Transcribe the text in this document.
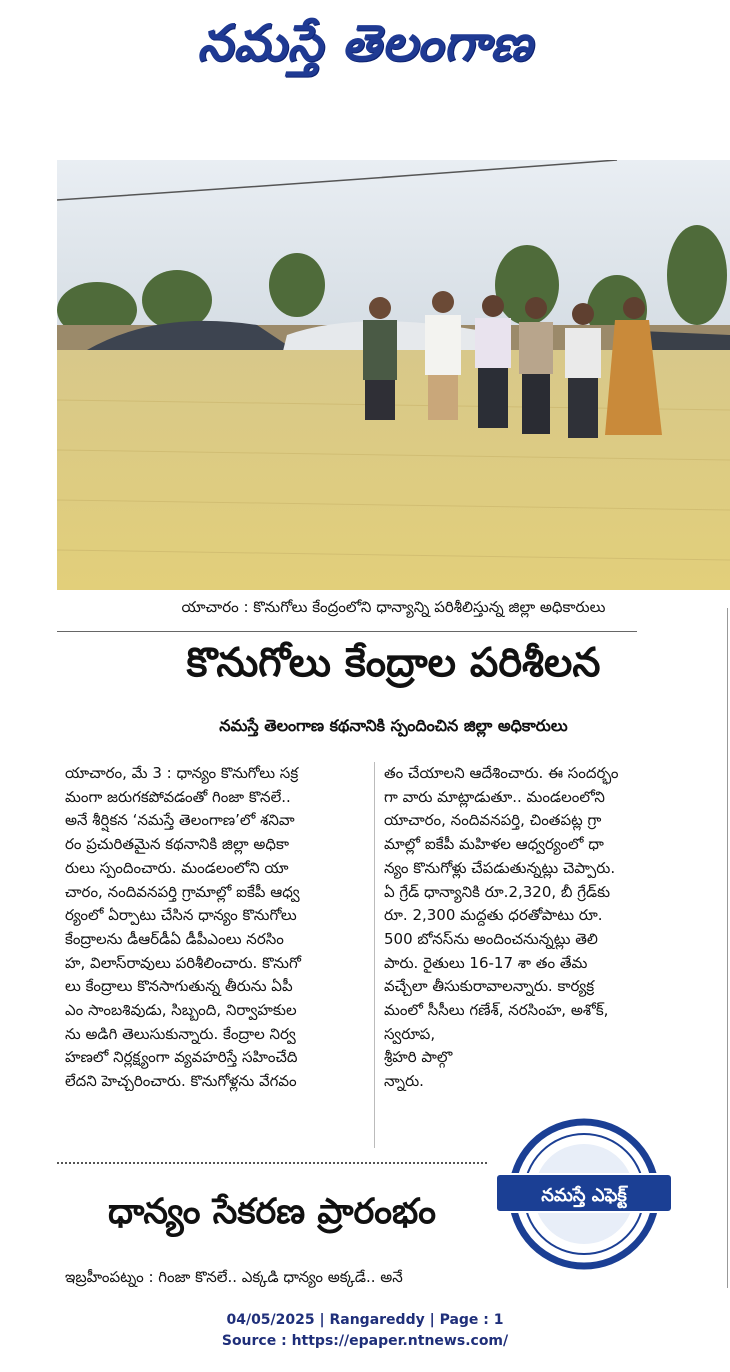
నమస్తే తెలంగాణ
యాచారం : కొనుగోలు కేంద్రంలోని ధాన్యాన్ని పరిశీలిస్తున్న జిల్లా అధికారులు
కొనుగోలు కేంద్రాల పరిశీలన
నమస్తే తెలంగాణ కథనానికి స్పందించిన జిల్లా అధికారులు

యాచారం, మే 3 : ధాన్యం కొనుగోలు సక్ర

మంగా జరుగకపోవడంతో గింజా కొనలే..

అనే శీర్షికన ‘నమస్తే తెలంగాణ’లో శనివా

రం ప్రచురితమైన కథనానికి జిల్లా అధికా

రులు స్పందించారు. మండలంలోని యా

చారం, నందివనపర్తి గ్రామాల్లో ఐకేపీ ఆధ్వ

ర్యంలో ఏర్పాటు చేసిన ధాన్యం కొనుగోలు

కేంద్రాలను డీఆర్‌డీఏ డీపీఎంలు నరసిం

హ, విలాస్‌రావులు పరిశీలించారు. కొనుగో

లు కేంద్రాలు కొనసాగుతున్న తీరును ఏపీ

ఎం సాంబశివుడు, సిబ్బంది, నిర్వాహకుల

ను అడిగి తెలుసుకున్నారు. కేంద్రాల నిర్వ

హణలో నిర్లక్ష్యంగా వ్యవహరిస్తే సహించేది

లేదని హెచ్చరించారు. కొనుగోళ్లను వేగవం

తం చేయాలని ఆదేశించారు. ఈ సందర్భం

గా వారు మాట్లాడుతూ.. మండలంలోని

యాచారం, నందివనపర్తి, చింతపట్ల గ్రా

మాల్లో ఐకేపీ మహిళల ఆధ్వర్యంలో ధా

న్యం కొనుగోళ్లు చేపడుతున్నట్లు చెప్పారు.

ఏ గ్రేడ్ ధాన్యానికి రూ.2,320, బీ గ్రేడ్‌కు

రూ. 2,300 మద్దతు ధరతోపాటు రూ.

500 బోనస్‌ను అందించనున్నట్లు తెలి

పారు. రైతులు 16-17 శా తం తేమ

వచ్చేలా తీసుకురావాలన్నారు. కార్యక్ర

మంలో సీసీలు గణేశ్, నరసింహ, అశోక్,

స్వరూప,

శ్రీహరి పాల్గొ

న్నారు.

ధాన్యం సేకరణ ప్రారంభం
ఇబ్రహీంపట్నం : గింజా కొనలే.. ఎక్కడి ధాన్యం అక్కడే.. అనే
నమస్తే ఎఫెక్ట్
04/05/2025 | Rangareddy | Page : 1
Source : https://epaper.ntnews.com/
